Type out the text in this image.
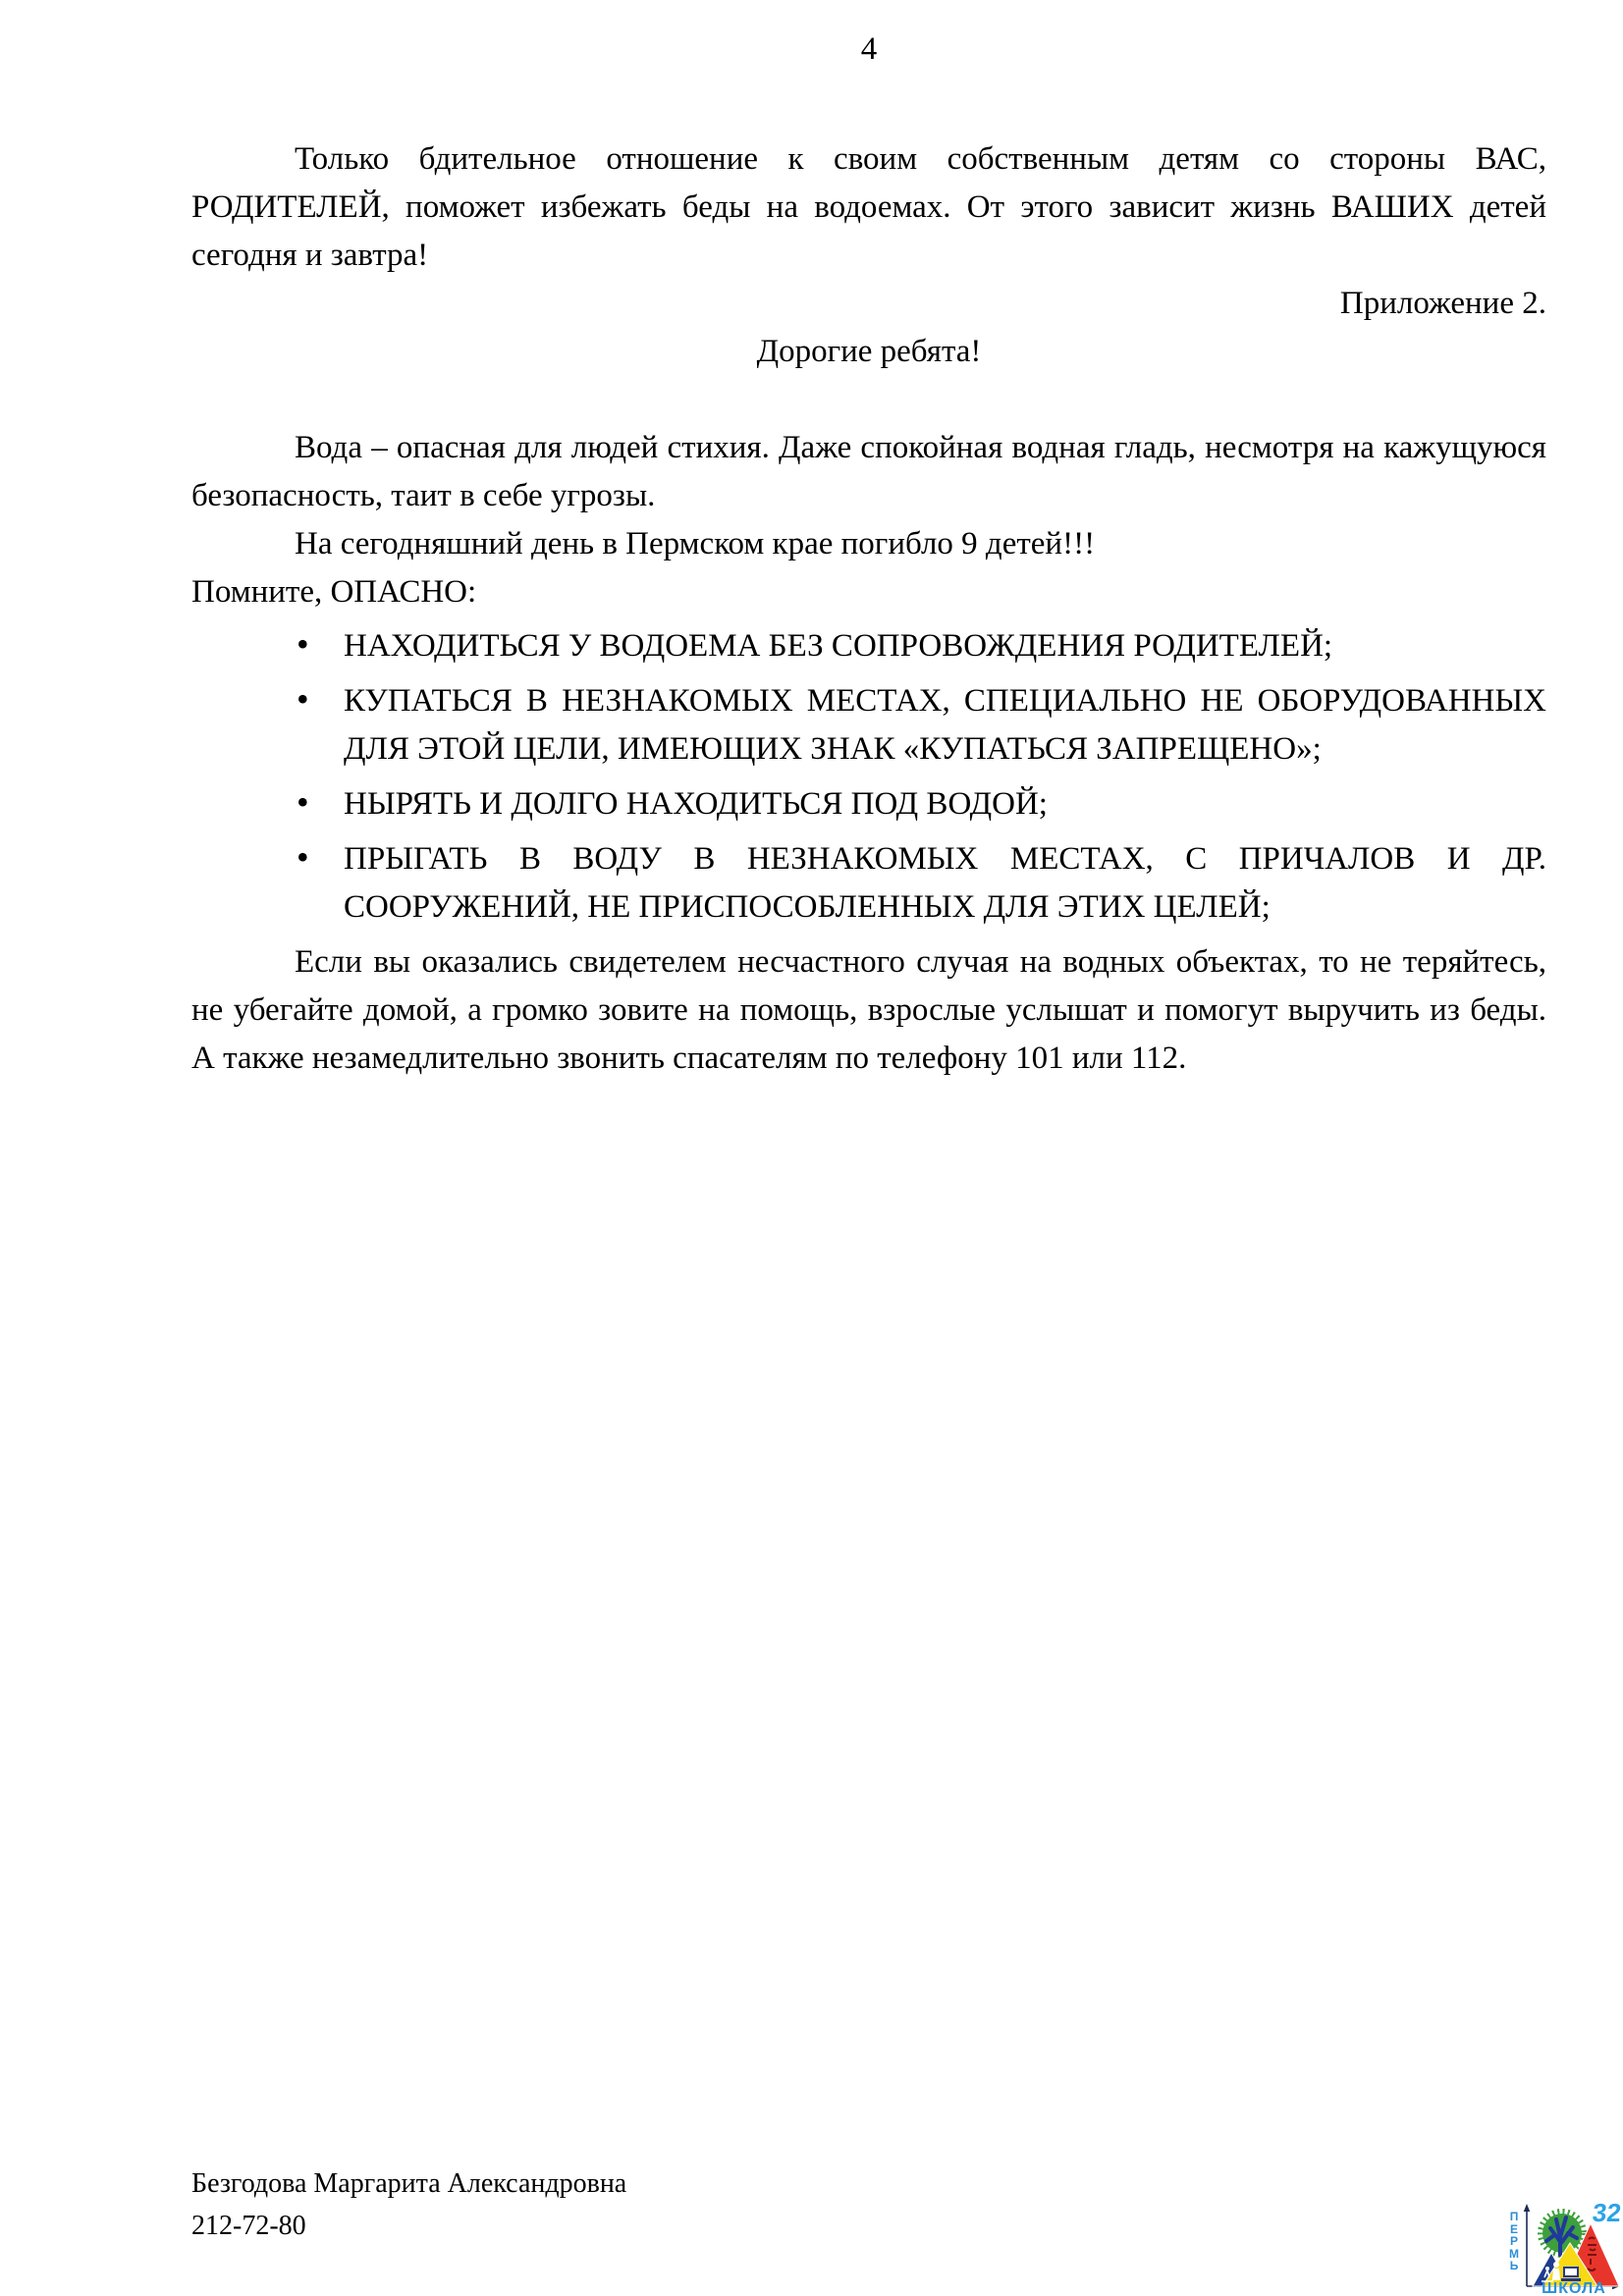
4

Только бдительное отношение к своим собственным детям со стороны ВАС, РОДИТЕЛЕЙ, поможет избежать беды на водоемах. От этого зависит жизнь ВАШИХ детей сегодня и завтра!

Приложение 2.

Дорогие ребята!

Вода – опасная для людей стихия. Даже спокойная водная гладь, несмотря на кажущуюся безопасность, таит в себе угрозы.

На сегодняшний день в Пермском крае погибло 9 детей!!!

Помните, ОПАСНО:

• НАХОДИТЬСЯ У ВОДОЕМА БЕЗ СОПРОВОЖДЕНИЯ РОДИТЕЛЕЙ;
• КУПАТЬСЯ В НЕЗНАКОМЫХ МЕСТАХ, СПЕЦИАЛЬНО НЕ ОБОРУДОВАННЫХ ДЛЯ ЭТОЙ ЦЕЛИ, ИМЕЮЩИХ ЗНАК «КУПАТЬСЯ ЗАПРЕЩЕНО»;
• НЫРЯТЬ И ДОЛГО НАХОДИТЬСЯ ПОД ВОДОЙ;
• ПРЫГАТЬ В ВОДУ В НЕЗНАКОМЫХ МЕСТАХ, С ПРИЧАЛОВ И ДР. СООРУЖЕНИЙ, НЕ ПРИСПОСОБЛЕННЫХ ДЛЯ ЭТИХ ЦЕЛЕЙ;

Если вы оказались свидетелем несчастного случая на водных объектах, то не теряйтесь, не убегайте домой, а громко зовите на помощь, взрослые услышат и помогут выручить из беды. А также незамедлительно звонить спасателям по телефону 101 или 112.

Безгодова Маргарита Александровна
212-72-80	ПЕРМЬ
32
ШКОЛА
